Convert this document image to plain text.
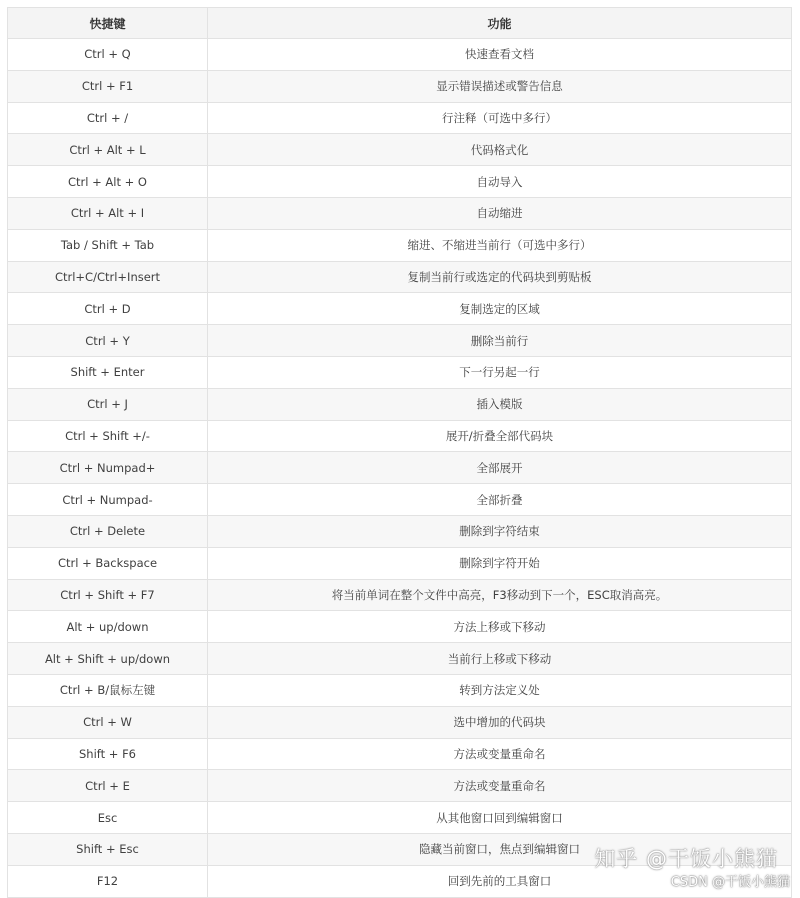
快捷键	功能
Ctrl + Q	快速查看文档
Ctrl + F1	显示错误描述或警告信息
Ctrl + /	行注释（可选中多行）
Ctrl + Alt + L	代码格式化
Ctrl + Alt + O	自动导入
Ctrl + Alt + I	自动缩进
Tab / Shift + Tab	缩进、不缩进当前行（可选中多行）
Ctrl+C/Ctrl+Insert	复制当前行或选定的代码块到剪贴板
Ctrl + D	复制选定的区域
Ctrl + Y	删除当前行
Shift + Enter	下一行另起一行
Ctrl + J	插入模版
Ctrl + Shift +/-	展开/折叠全部代码块
Ctrl + Numpad+	全部展开
Ctrl + Numpad-	全部折叠
Ctrl + Delete	删除到字符结束
Ctrl + Backspace	删除到字符开始
Ctrl + Shift + F7	将当前单词在整个文件中高亮，F3移动到下一个，ESC取消高亮。
Alt + up/down	方法上移或下移动
Alt + Shift + up/down	当前行上移或下移动
Ctrl + B/鼠标左键	转到方法定义处
Ctrl + W	选中增加的代码块
Shift + F6	方法或变量重命名
Ctrl + E	方法或变量重命名
Esc	从其他窗口回到编辑窗口
Shift + Esc	隐藏当前窗口，焦点到编辑窗口
F12	回到先前的工具窗口
知乎 @干饭小熊猫
CSDN @干饭小熊猫
